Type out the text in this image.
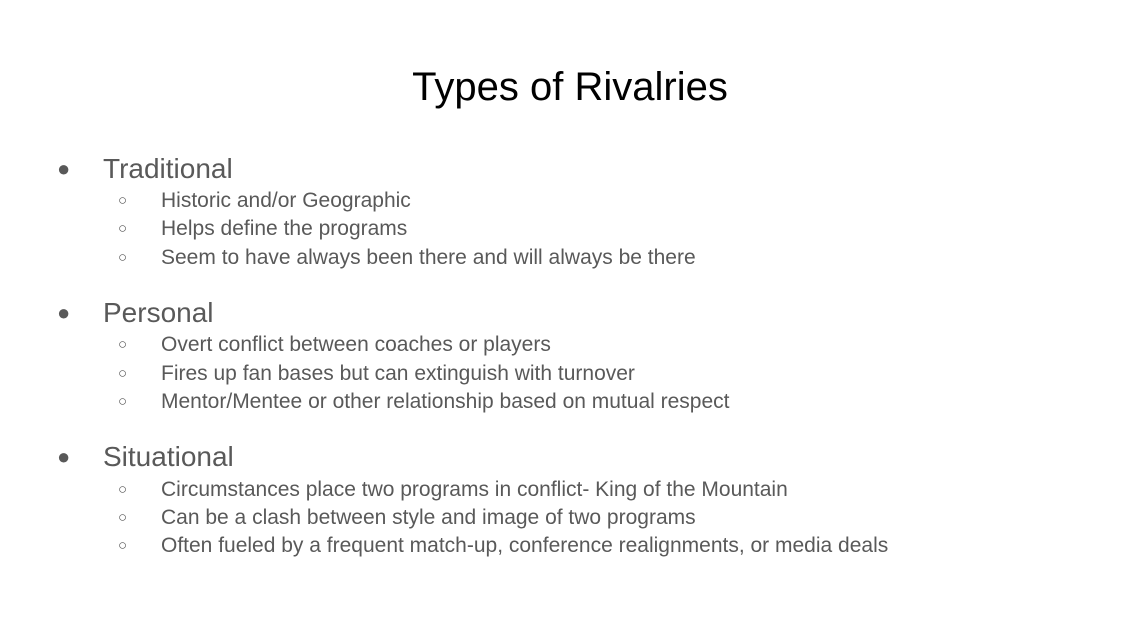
Types of Rivalries
● Traditional
○ Historic and/or Geographic
○ Helps define the programs
○ Seem to have always been there and will always be there
● Personal
○ Overt conflict between coaches or players
○ Fires up fan bases but can extinguish with turnover
○ Mentor/Mentee or other relationship based on mutual respect
● Situational
○ Circumstances place two programs in conflict- King of the Mountain
○ Can be a clash between style and image of two programs
○ Often fueled by a frequent match-up, conference realignments, or media deals
